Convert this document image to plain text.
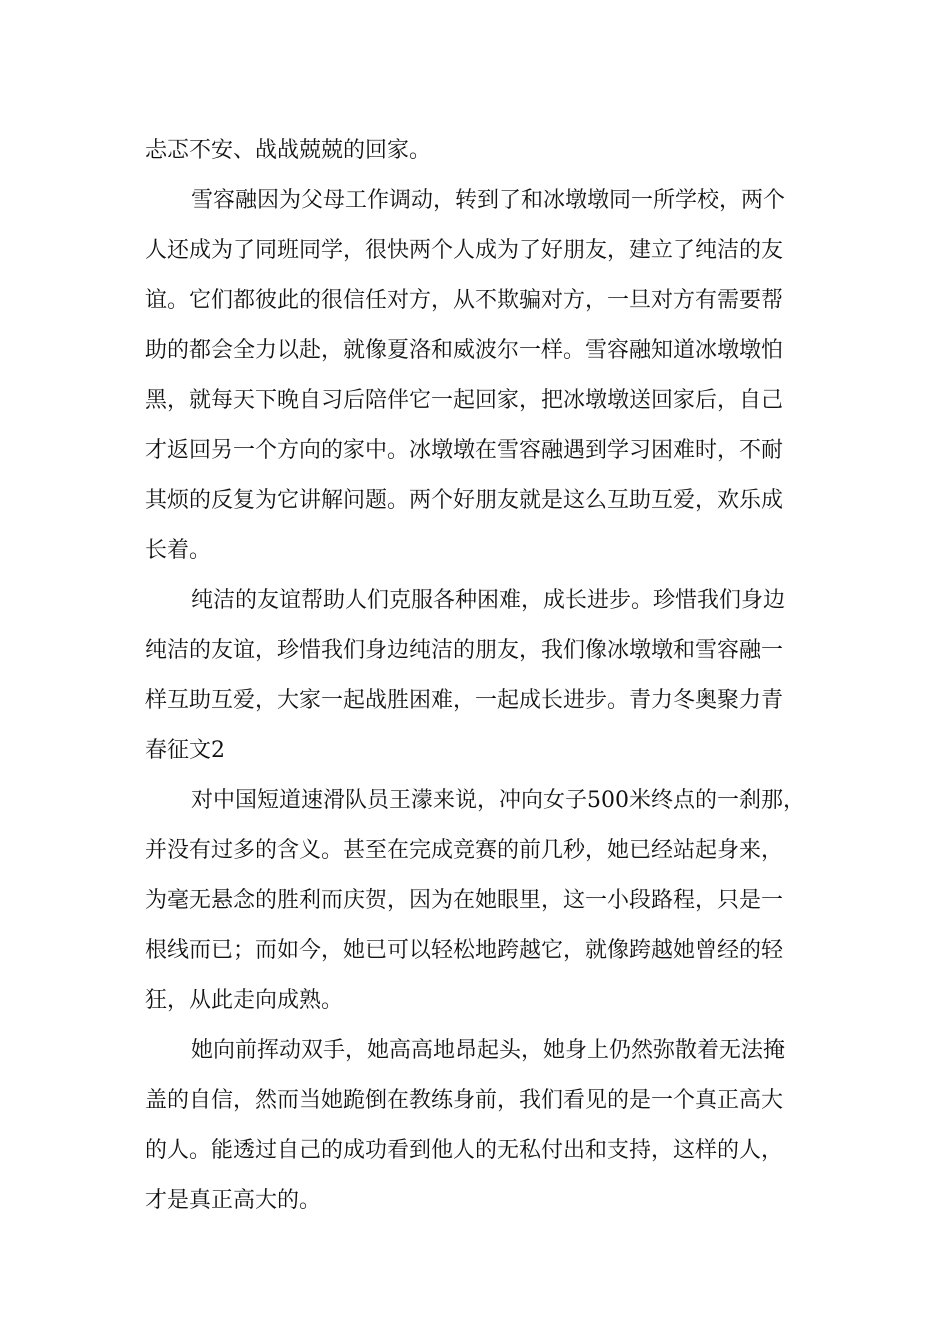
忐忑不安、战战兢兢的回家。
雪容融因为父母工作调动，转到了和冰墩墩同一所学校，两个
人还成为了同班同学，很快两个人成为了好朋友，建立了纯洁的友
谊。它们都彼此的很信任对方，从不欺骗对方，一旦对方有需要帮
助的都会全力以赴，就像夏洛和威波尔一样。雪容融知道冰墩墩怕
黑，就每天下晚自习后陪伴它一起回家，把冰墩墩送回家后，自己
才返回另一个方向的家中。冰墩墩在雪容融遇到学习困难时，不耐
其烦的反复为它讲解问题。两个好朋友就是这么互助互爱，欢乐成
长着。
纯洁的友谊帮助人们克服各种困难，成长进步。珍惜我们身边
纯洁的友谊，珍惜我们身边纯洁的朋友，我们像冰墩墩和雪容融一
样互助互爱，大家一起战胜困难，一起成长进步。青力冬奥聚力青
春征文2
对中国短道速滑队员王濛来说，冲向女子500米终点的一刹那，
并没有过多的含义。甚至在完成竞赛的前几秒，她已经站起身来，
为毫无悬念的胜利而庆贺，因为在她眼里，这一小段路程，只是一
根线而已；而如今，她已可以轻松地跨越它，就像跨越她曾经的轻
狂，从此走向成熟。
她向前挥动双手，她高高地昂起头，她身上仍然弥散着无法掩
盖的自信，然而当她跪倒在教练身前，我们看见的是一个真正高大
的人。能透过自己的成功看到他人的无私付出和支持，这样的人，
才是真正高大的。
